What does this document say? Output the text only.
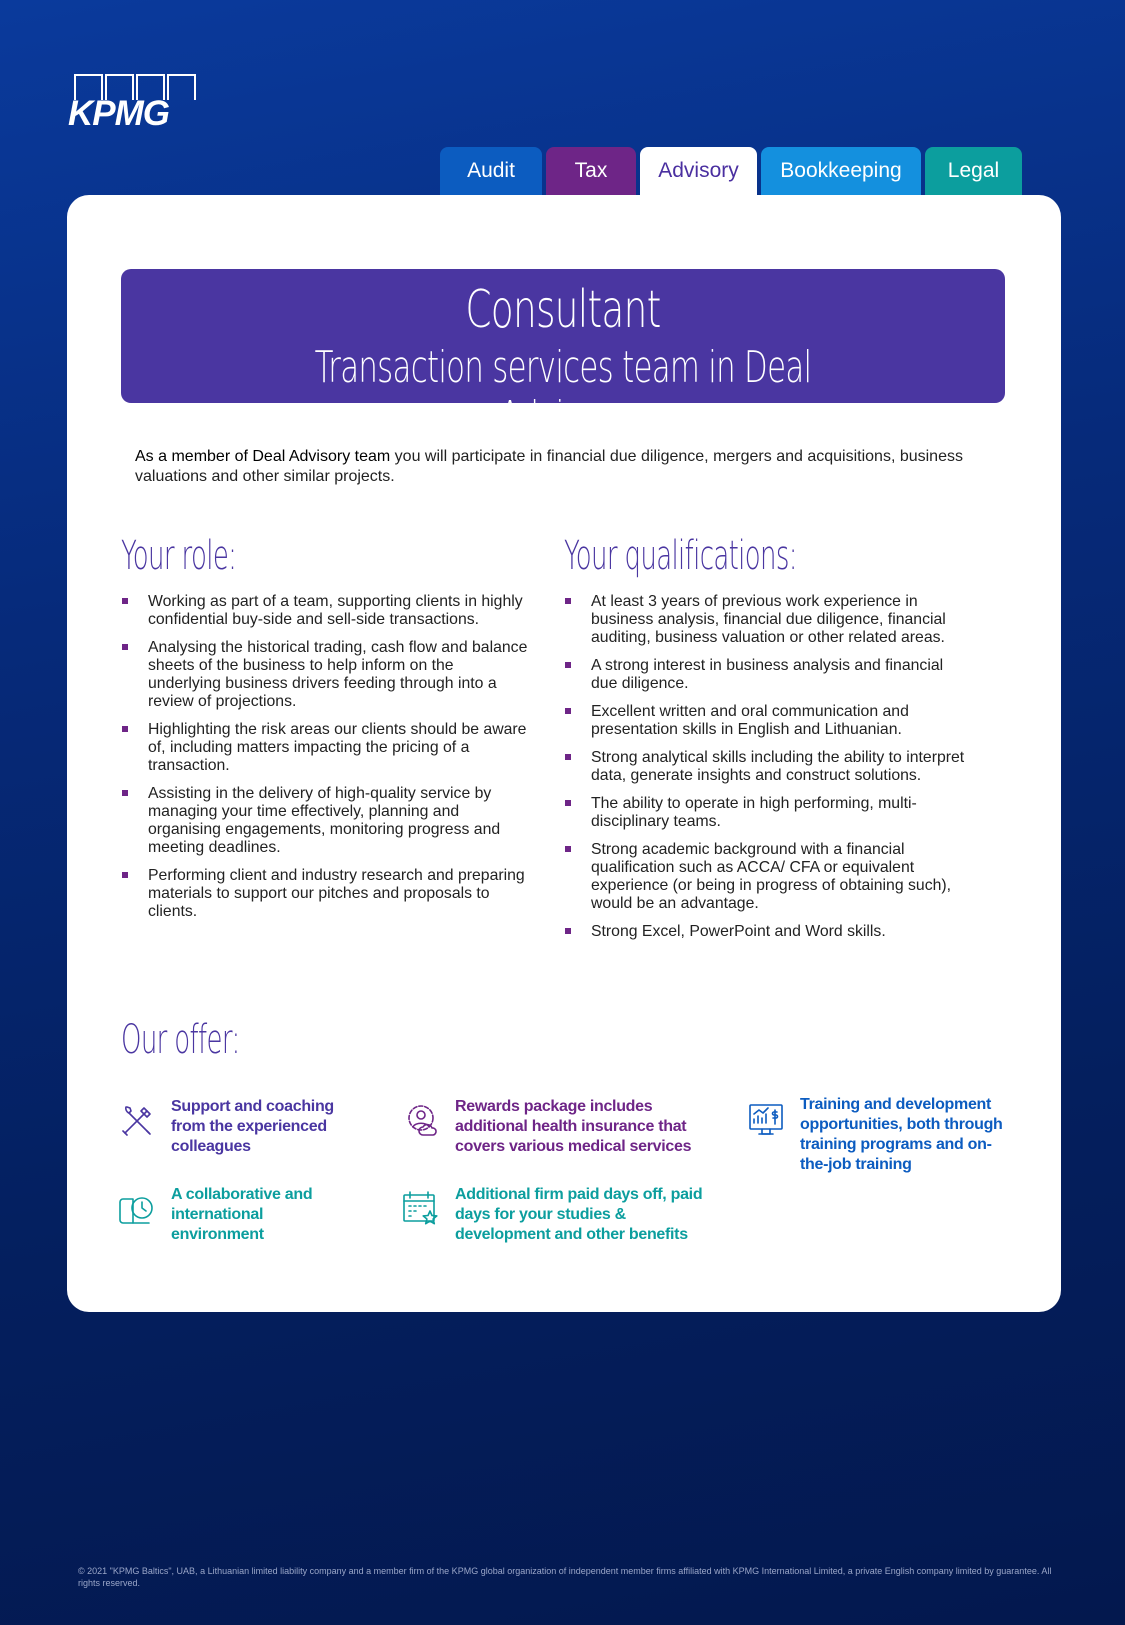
KPMG
Audit	Tax	Advisory	Bookkeeping	Legal
Consultant
Transaction services team in Deal Advisory
As a member of Deal Advisory team you will participate in financial due diligence, mergers and acquisitions, business valuations and other similar projects.
Your role:
Working as part of a team, supporting clients in highly confidential buy-side and sell-side transactions.
Analysing the historical trading, cash flow and balance sheets of the business to help inform on the underlying business drivers feeding through into a review of projections.
Highlighting the risk areas our clients should be aware of, including matters impacting the pricing of a transaction.
Assisting in the delivery of high-quality service by managing your time effectively, planning and organising engagements, monitoring progress and meeting deadlines.
Performing client and industry research and preparing materials to support our pitches and proposals to clients.
Your qualifications:
At least 3 years of previous work experience in business analysis, financial due diligence, financial auditing, business valuation or other related areas.
A strong interest in business analysis and financial due diligence.
Excellent written and oral communication and presentation skills in English and Lithuanian.
Strong analytical skills including the ability to interpret data, generate insights and construct solutions.
The ability to operate in high performing, multi-disciplinary teams.
Strong academic background with a financial qualification such as ACCA/ CFA or equivalent experience (or being in progress of obtaining such), would be an advantage.
Strong Excel, PowerPoint and Word skills.
Our offer:
Support and coaching from the experienced colleagues
Rewards package includes additional health insurance that covers various medical services
Training and development opportunities, both through training programs and on-the-job training
A collaborative and international environment
Additional firm paid days off, paid days for your studies & development and other benefits
© 2021 "KPMG Baltics", UAB, a Lithuanian limited liability company and a member firm of the KPMG global organization of independent member firms affiliated with KPMG International Limited, a private English company limited by guarantee. All rights reserved.
